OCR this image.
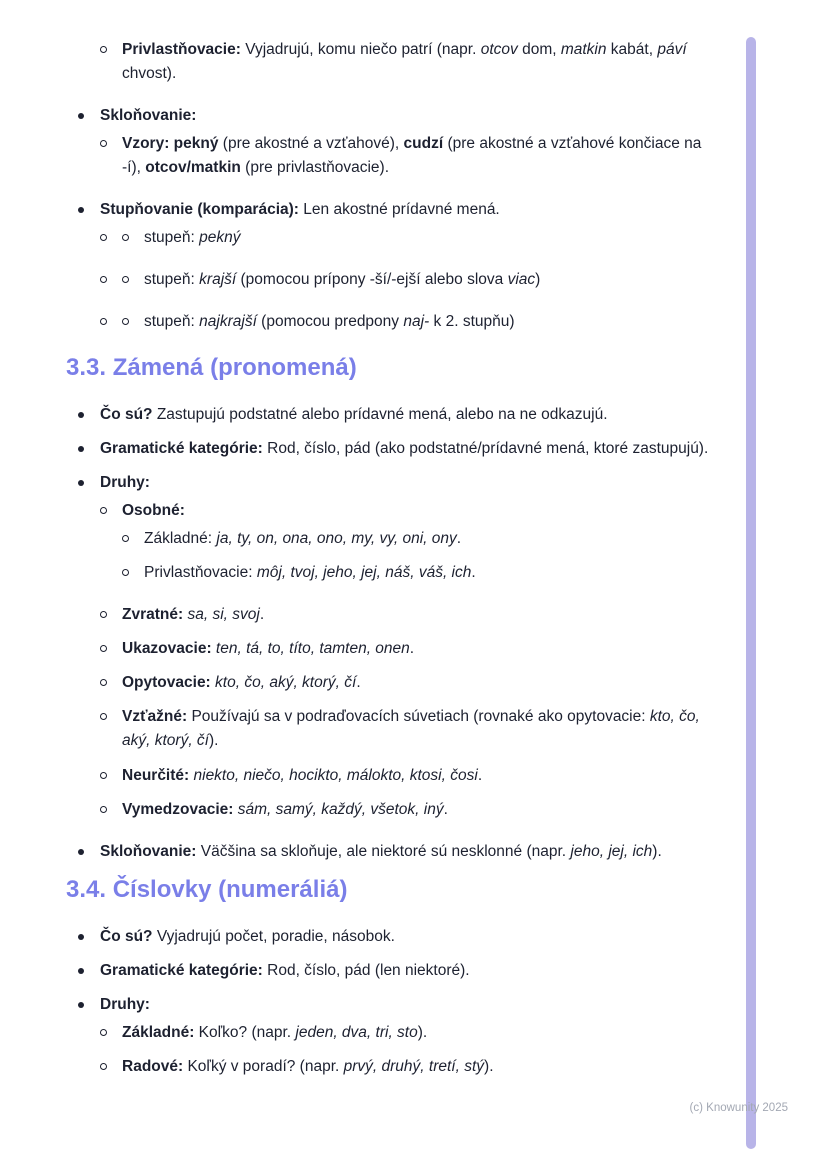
Privlastňovacie: Vyjadrujú, komu niečo patrí (napr. otcov dom, matkin kabát, páví chvost).
Skloňovanie:
Vzory: pekný (pre akostné a vzťahové), cudzí (pre akostné a vzťahové končiace na -í), otcov/matkin (pre privlastňovacie).
Stupňovanie (komparácia): Len akostné prídavné mená.
stupeň: pekný
stupeň: krajší (pomocou prípony -ší/-ejší alebo slova viac)
stupeň: najkrajší (pomocou predpony naj- k 2. stupňu)
3.3. Zámená (pronomená)
Čo sú? Zastupujú podstatné alebo prídavné mená, alebo na ne odkazujú.
Gramatické kategórie: Rod, číslo, pád (ako podstatné/prídavné mená, ktoré zastupujú).
Druhy:
Osobné:
Základné: ja, ty, on, ona, ono, my, vy, oni, ony.
Privlastňovacie: môj, tvoj, jeho, jej, náš, váš, ich.
Zvratné: sa, si, svoj.
Ukazovacie: ten, tá, to, títo, tamten, onen.
Opytovacie: kto, čo, aký, ktorý, čí.
Vzťažné: Používajú sa v podraďovacích súvetiach (rovnaké ako opytovacie: kto, čo, aký, ktorý, čí).
Neurčité: niekto, niečo, hocikto, málokto, ktosi, čosi.
Vymedzovacie: sám, samý, každý, všetok, iný.
Skloňovanie: Väčšina sa skloňuje, ale niektoré sú nesklonné (napr. jeho, jej, ich).
3.4. Číslovky (numeráliá)
Čo sú? Vyjadrujú počet, poradie, násobok.
Gramatické kategórie: Rod, číslo, pád (len niektoré).
Druhy:
Základné: Koľko? (napr. jeden, dva, tri, sto).
Radové: Koľký v poradí? (napr. prvý, druhý, tretí, stý).
(c) Knowunity 2025
